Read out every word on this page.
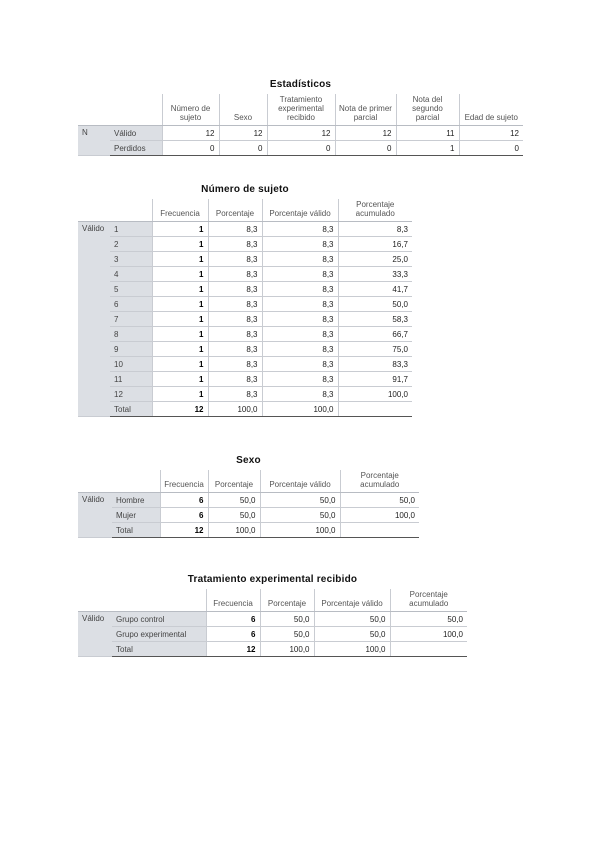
Estadísticos
		Número de sujeto	Sexo	Tratamiento experimental recibido	Nota de primer parcial	Nota del segundo parcial	Edad de sujeto
N	Válido	12	12	12	12	11	12
	Perdidos	0	0	0	0	1	0
Número de sujeto
		Frecuencia	Porcentaje	Porcentaje válido	Porcentaje acumulado
Válido	1	1	8,3	8,3	8,3
	2	1	8,3	8,3	16,7
	3	1	8,3	8,3	25,0
	4	1	8,3	8,3	33,3
	5	1	8,3	8,3	41,7
	6	1	8,3	8,3	50,0
	7	1	8,3	8,3	58,3
	8	1	8,3	8,3	66,7
	9	1	8,3	8,3	75,0
	10	1	8,3	8,3	83,3
	11	1	8,3	8,3	91,7
	12	1	8,3	8,3	100,0
	Total	12	100,0	100,0	
Sexo
		Frecuencia	Porcentaje	Porcentaje válido	Porcentaje acumulado
Válido	Hombre	6	50,0	50,0	50,0
	Mujer	6	50,0	50,0	100,0
	Total	12	100,0	100,0	
Tratamiento experimental recibido
		Frecuencia	Porcentaje	Porcentaje válido	Porcentaje acumulado
Válido	Grupo control	6	50,0	50,0	50,0
	Grupo experimental	6	50,0	50,0	100,0
	Total	12	100,0	100,0	
